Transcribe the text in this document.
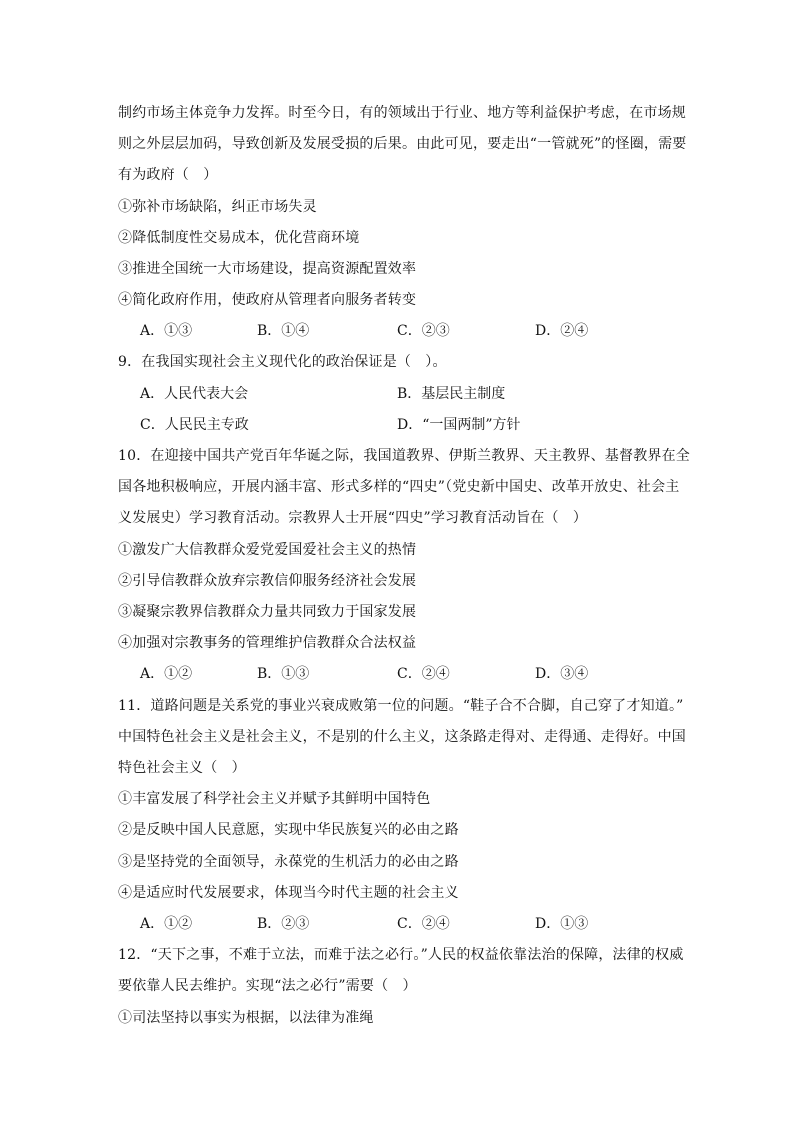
制约市场主体竞争力发挥。时至今日，有的领域出于行业、地方等利益保护考虑，在市场规
则之外层层加码，导致创新及发展受损的后果。由此可见，要走出“一管就死”的怪圈，需要
有为政府（　）
①弥补市场缺陷，纠正市场失灵
②降低制度性交易成本，优化营商环境
③推进全国统一大市场建设，提高资源配置效率
④简化政府作用，使政府从管理者向服务者转变
A．①③	B．①④	C．②③	D．②④
9．在我国实现社会主义现代化的政治保证是（　）。
A．人民代表大会	B．基层民主制度
C．人民民主专政	D．“一国两制”方针
10．在迎接中国共产党百年华诞之际，我国道教界、伊斯兰教界、天主教界、基督教界在全
国各地积极响应，开展内涵丰富、形式多样的“四史”（党史新中国史、改革开放史、社会主
义发展史）学习教育活动。宗教界人士开展“四史”学习教育活动旨在（　）
①激发广大信教群众爱党爱国爱社会主义的热情
②引导信教群众放弃宗教信仰服务经济社会发展
③凝聚宗教界信教群众力量共同致力于国家发展
④加强对宗教事务的管理维护信教群众合法权益
A．①②	B．①③	C．②④	D．③④
11．道路问题是关系党的事业兴衰成败第一位的问题。“鞋子合不合脚，自己穿了才知道。”
中国特色社会主义是社会主义，不是别的什么主义，这条路走得对、走得通、走得好。中国
特色社会主义（　）
①丰富发展了科学社会主义并赋予其鲜明中国特色
②是反映中国人民意愿，实现中华民族复兴的必由之路
③是坚持党的全面领导，永葆党的生机活力的必由之路
④是适应时代发展要求，体现当今时代主题的社会主义
A．①②	B．②③	C．②④	D．①③
12．“天下之事，不难于立法，而难于法之必行。”人民的权益依靠法治的保障，法律的权威
要依靠人民去维护。实现“法之必行”需要（　）
①司法坚持以事实为根据，以法律为准绳
